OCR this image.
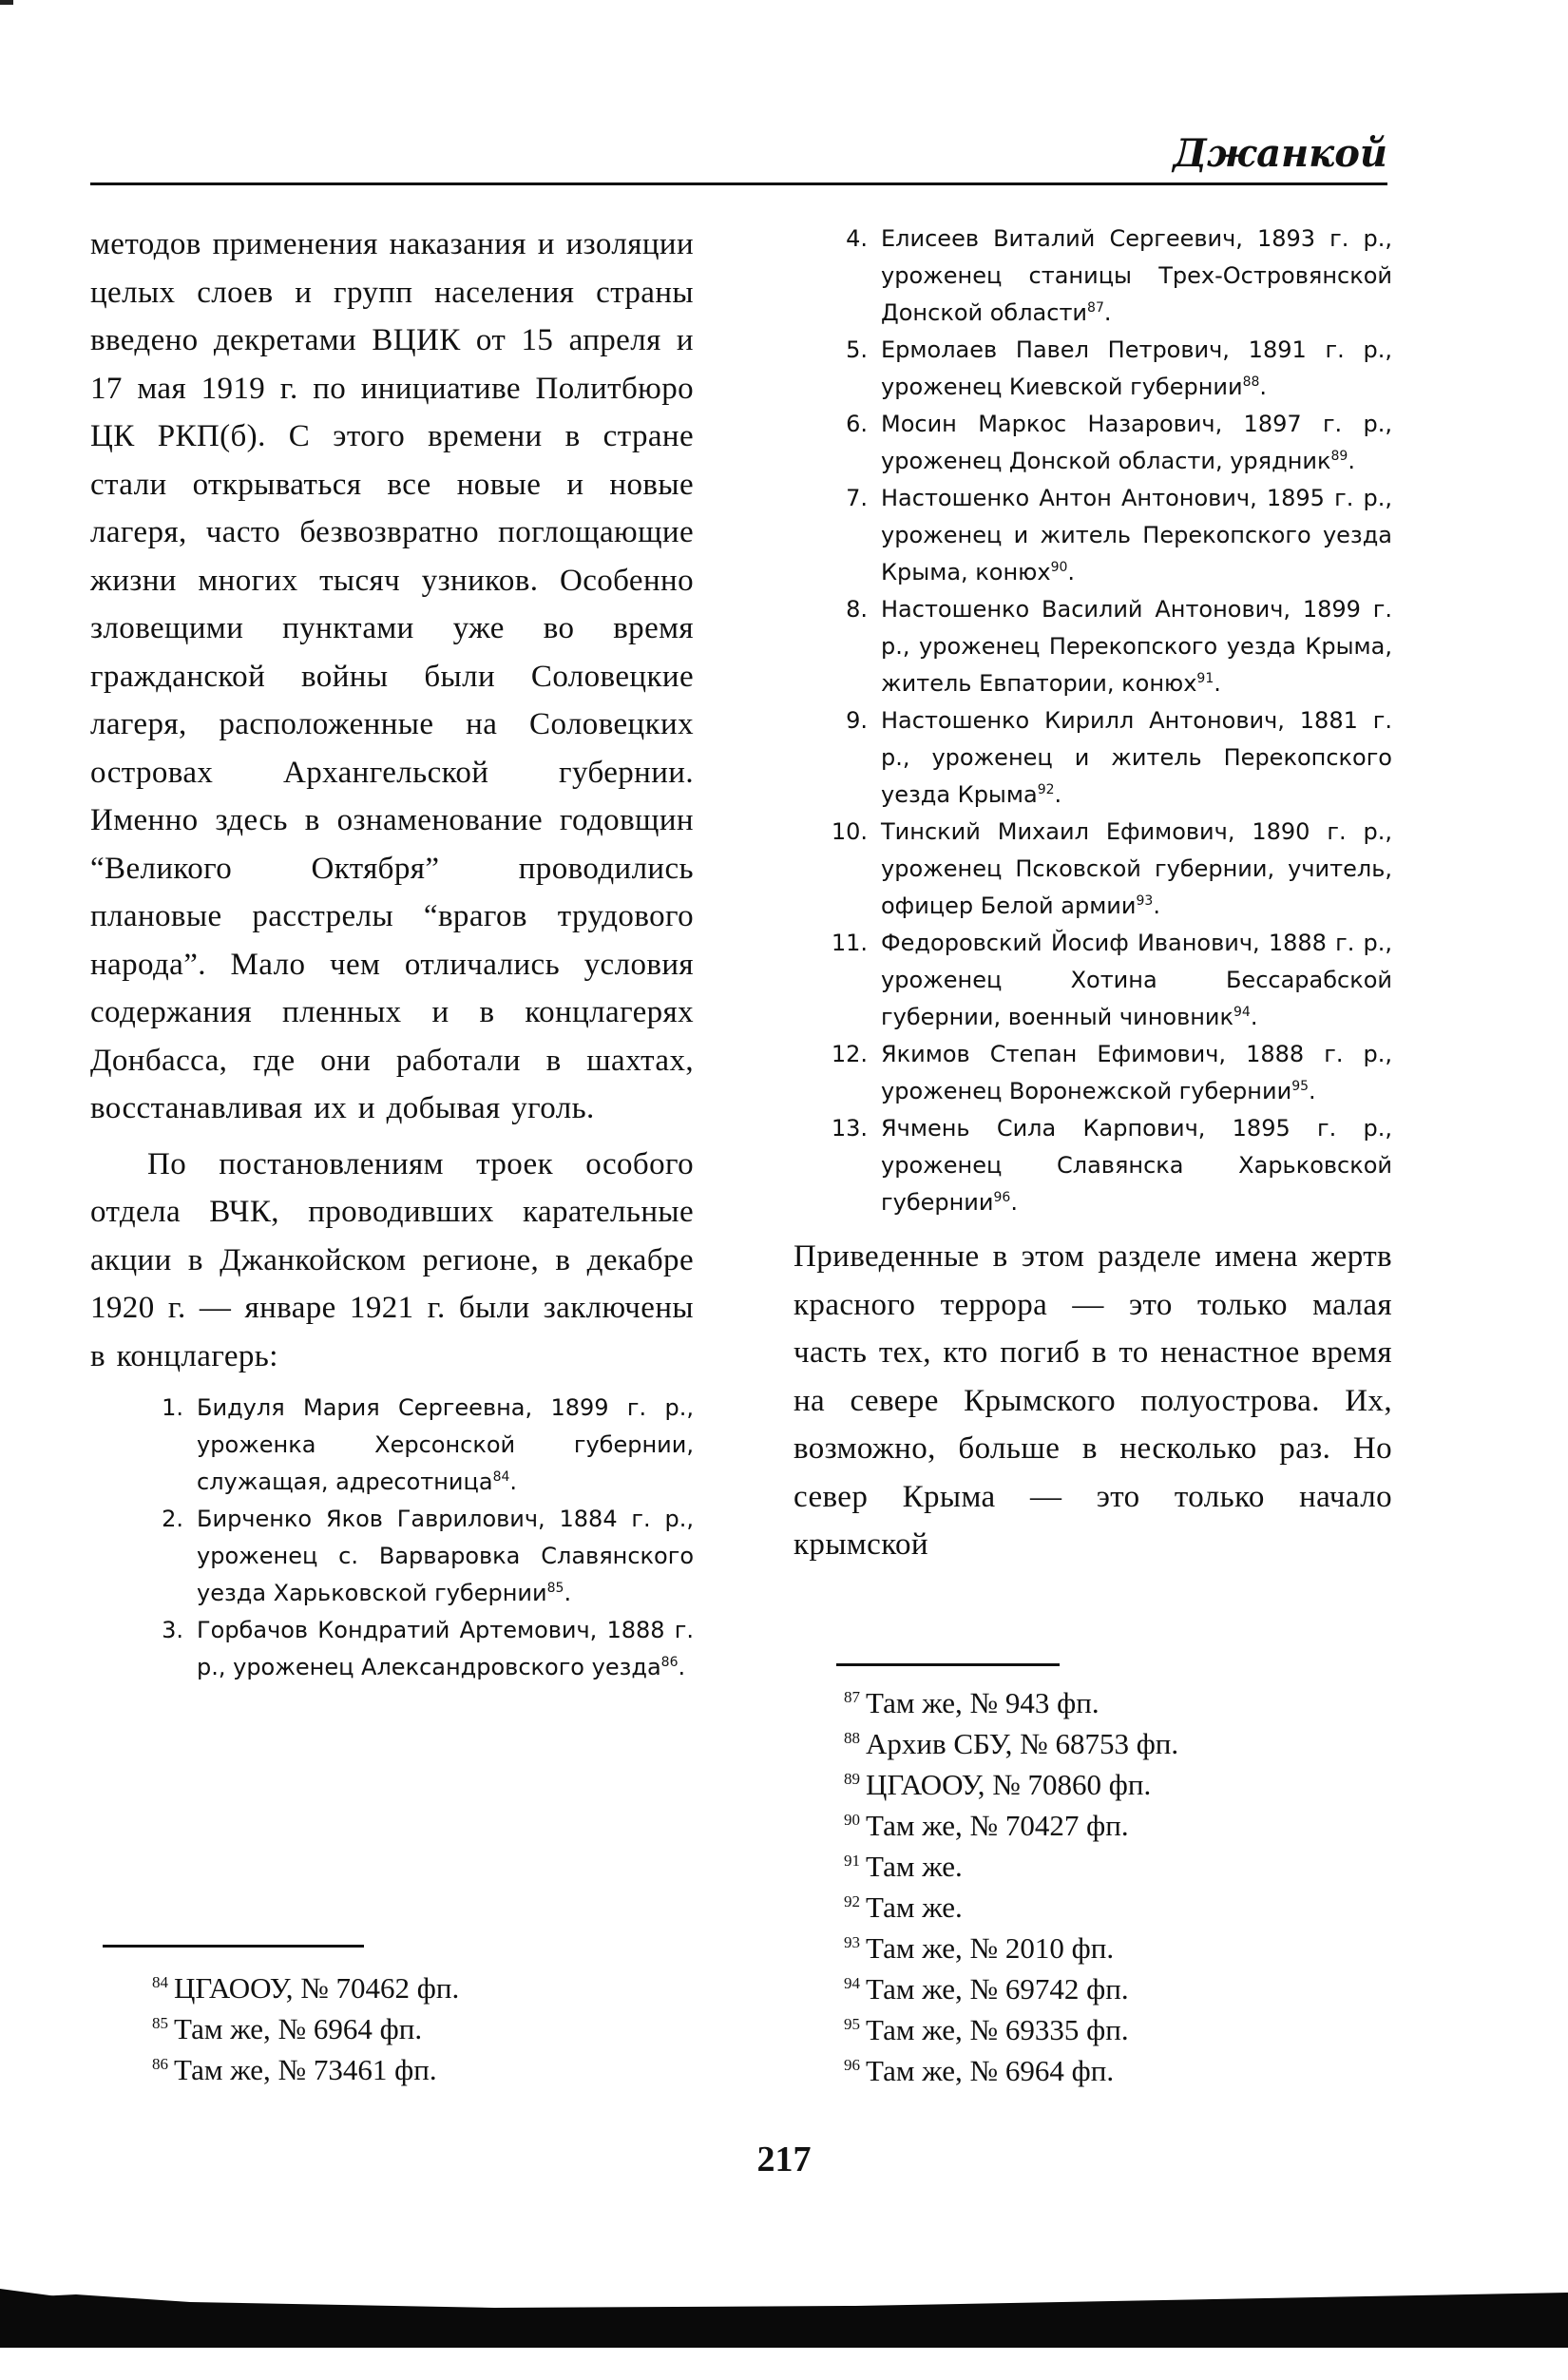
Джанкой

методов применения наказания и изоляции целых слоев и групп населения страны введено декретами ВЦИК от 15 апреля и 17 мая 1919 г. по инициативе Политбюро ЦК РКП(б). С этого времени в стране стали открываться все новые и новые лагеря, часто безвозвратно поглощающие жизни многих тысяч узников. Особенно зловещими пунктами уже во время гражданской войны были Соловецкие лагеря, расположенные на Соловецких островах Архангельской губернии. Именно здесь в ознаменование годовщин “Великого Октября” проводились плановые расстрелы “врагов трудового народа”. Мало чем отличались условия содержания пленных и в концлагерях Донбасса, где они работали в шахтах, восстанавливая их и добывая уголь.

По постановлениям троек особого отдела ВЧК, проводивших карательные акции в Джанкойском регионе, в декабре 1920 г. — январе 1921 г. были заключены в концлагерь:

1. Бидуля Мария Сергеевна, 1899 г. р., уроженка Херсонской губернии, служащая, адресотница$^{84}$.
2. Бирченко Яков Гаврилович, 1884 г. р., уроженец с. Варваровка Славянского уезда Харьковской губернии$^{85}$.
3. Горбачов Кондратий Артемович, 1888 г. р., уроженец Александровского уезда$^{86}$.
$^{84}$ ЦГАООУ, № 70462 фп.
$^{85}$ Там же, № 6964 фп.
$^{86}$ Там же, № 73461 фп.
4. Елисеев Виталий Сергеевич, 1893 г. р., уроженец станицы Трех-Островянской Донской области$^{87}$.
5. Ермолаев Павел Петрович, 1891 г. р., уроженец Киевской губернии$^{88}$.
6. Мосин Маркос Назарович, 1897 г. р., уроженец Донской области, урядник$^{89}$.
7. Настошенко Антон Антонович, 1895 г. р., уроженец и житель Перекопского уезда Крыма, конюх$^{90}$.
8. Настошенко Василий Антонович, 1899 г. р., уроженец Перекопского уезда Крыма, житель Евпатории, конюх$^{91}$.
9. Настошенко Кирилл Антонович, 1881 г. р., уроженец и житель Перекопского уезда Крыма$^{92}$.
10. Тинский Михаил Ефимович, 1890 г. р., уроженец Псковской губернии, учитель, офицер Белой армии$^{93}$.
11. Федоровский Йосиф Иванович, 1888 г. р., уроженец Хотина Бессарабской губернии, военный чиновник$^{94}$.
12. Якимов Степан Ефимович, 1888 г. р., уроженец Воронежской губернии$^{95}$.
13. Ячмень Сила Карпович, 1895 г. р., уроженец Славянска Харьковской губернии$^{96}$.

Приведенные в этом разделе имена жертв красного террора — это только малая часть тех, кто погиб в то ненастное время на севере Крымского полуострова. Их, возможно, больше в несколько раз. Но север Крыма — это только начало крымской

$^{87}$ Там же, № 943 фп.
$^{88}$ Архив СБУ, № 68753 фп.
$^{89}$ ЦГАООУ, № 70860 фп.
$^{90}$ Там же, № 70427 фп.
$^{91}$ Там же.
$^{92}$ Там же.
$^{93}$ Там же, № 2010 фп.
$^{94}$ Там же, № 69742 фп.
$^{95}$ Там же, № 69335 фп.
$^{96}$ Там же, № 6964 фп.
217
